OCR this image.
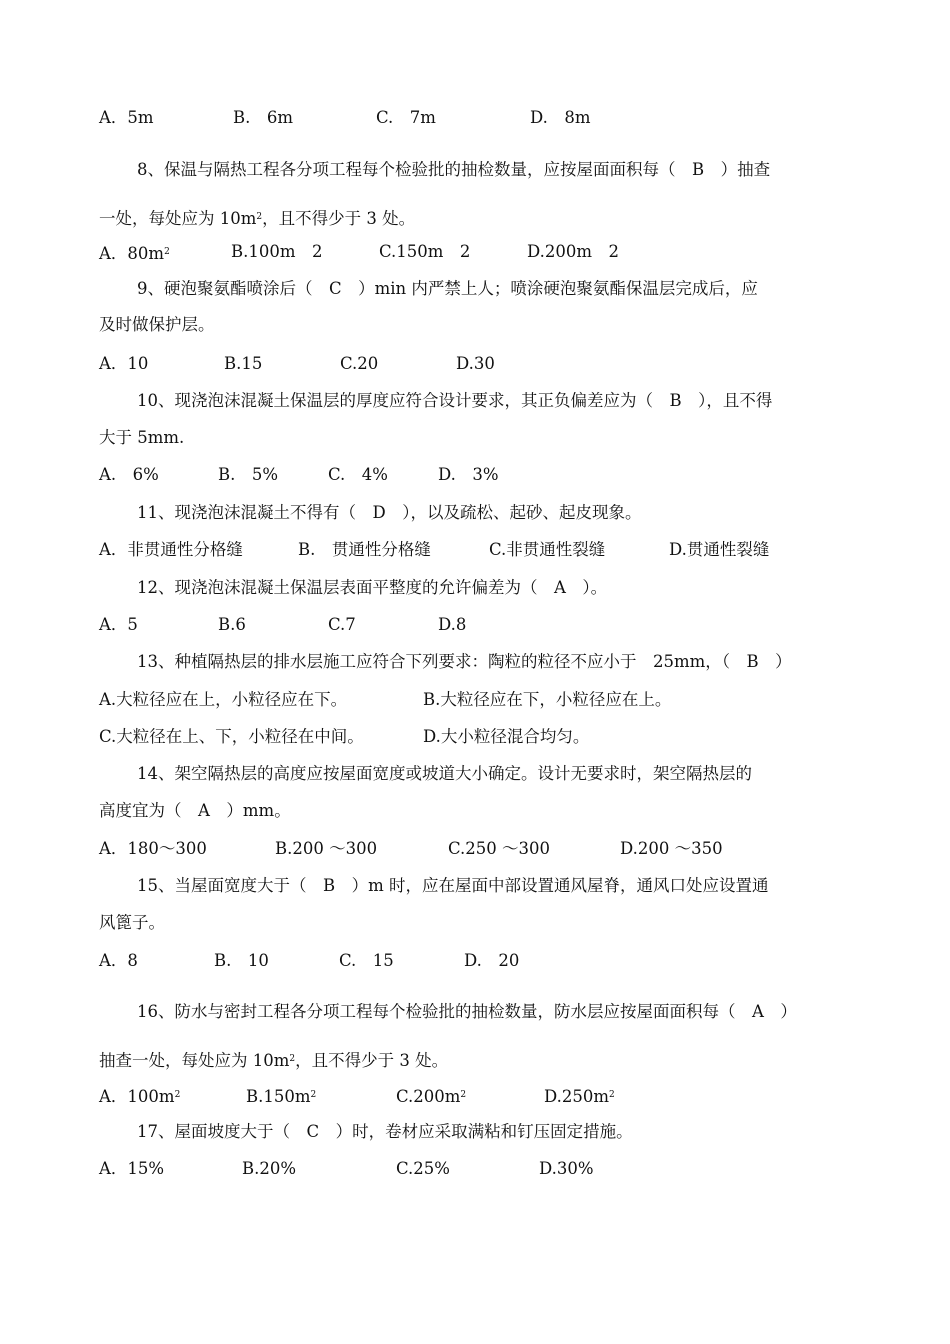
A．5m	B.　6m	C.　7m	D.　8m
8、保温与隔热工程各分项工程每个检验批的抽检数量，应按屋面面积每（　B　）抽查
一处，每处应为 $10m^2$，且不得少于 3 处。
A．$80m^2$	B.100m　2	C.150m　2	D.200m　2
9、硬泡聚氨酯喷涂后（　C　）min 内严禁上人；喷涂硬泡聚氨酯保温层完成后，应
及时做保护层。
A．10	B.15	C.20	D.30
10、现浇泡沫混凝土保温层的厚度应符合设计要求，其正负偏差应为（　B　），且不得
大于 5mm.
A.　6%	B.　5%	C.　4%	D.　3%
11、现浇泡沫混凝土不得有（　D　），以及疏松、起砂、起皮现象。
A．非贯通性分格缝	B.　贯通性分格缝	C.非贯通性裂缝	D.贯通性裂缝
12、现浇泡沫混凝土保温层表面平整度的允许偏差为（　A　）。
A．5	B.6	C.7	D.8
13、种植隔热层的排水层施工应符合下列要求：陶粒的粒径不应小于　25mm，（　B　）
A.大粒径应在上，小粒径应在下。	B.大粒径应在下，小粒径应在上。
C.大粒径在上、下，小粒径在中间。	D.大小粒径混合均匀。
14、架空隔热层的高度应按屋面宽度或坡道大小确定。设计无要求时，架空隔热层的
高度宜为（　A　）mm。
A．180～300	B.200 ～300	C.250 ～300	D.200 ～350
15、当屋面宽度大于（　B　）m 时，应在屋面中部设置通风屋脊，通风口处应设置通
风篦子。
A．8	B.　10	C.　15	D.　20
16、防水与密封工程各分项工程每个检验批的抽检数量，防水层应按屋面面积每（　A　）
抽查一处，每处应为 $10m^2$，且不得少于 3 处。
A．$100m^2$	$B.150m^2$	$C.200m^2$	$D.250m^2$
17、屋面坡度大于（　C　）时，卷材应采取满粘和钉压固定措施。
A．15%	B.20%	C.25%	D.30%
